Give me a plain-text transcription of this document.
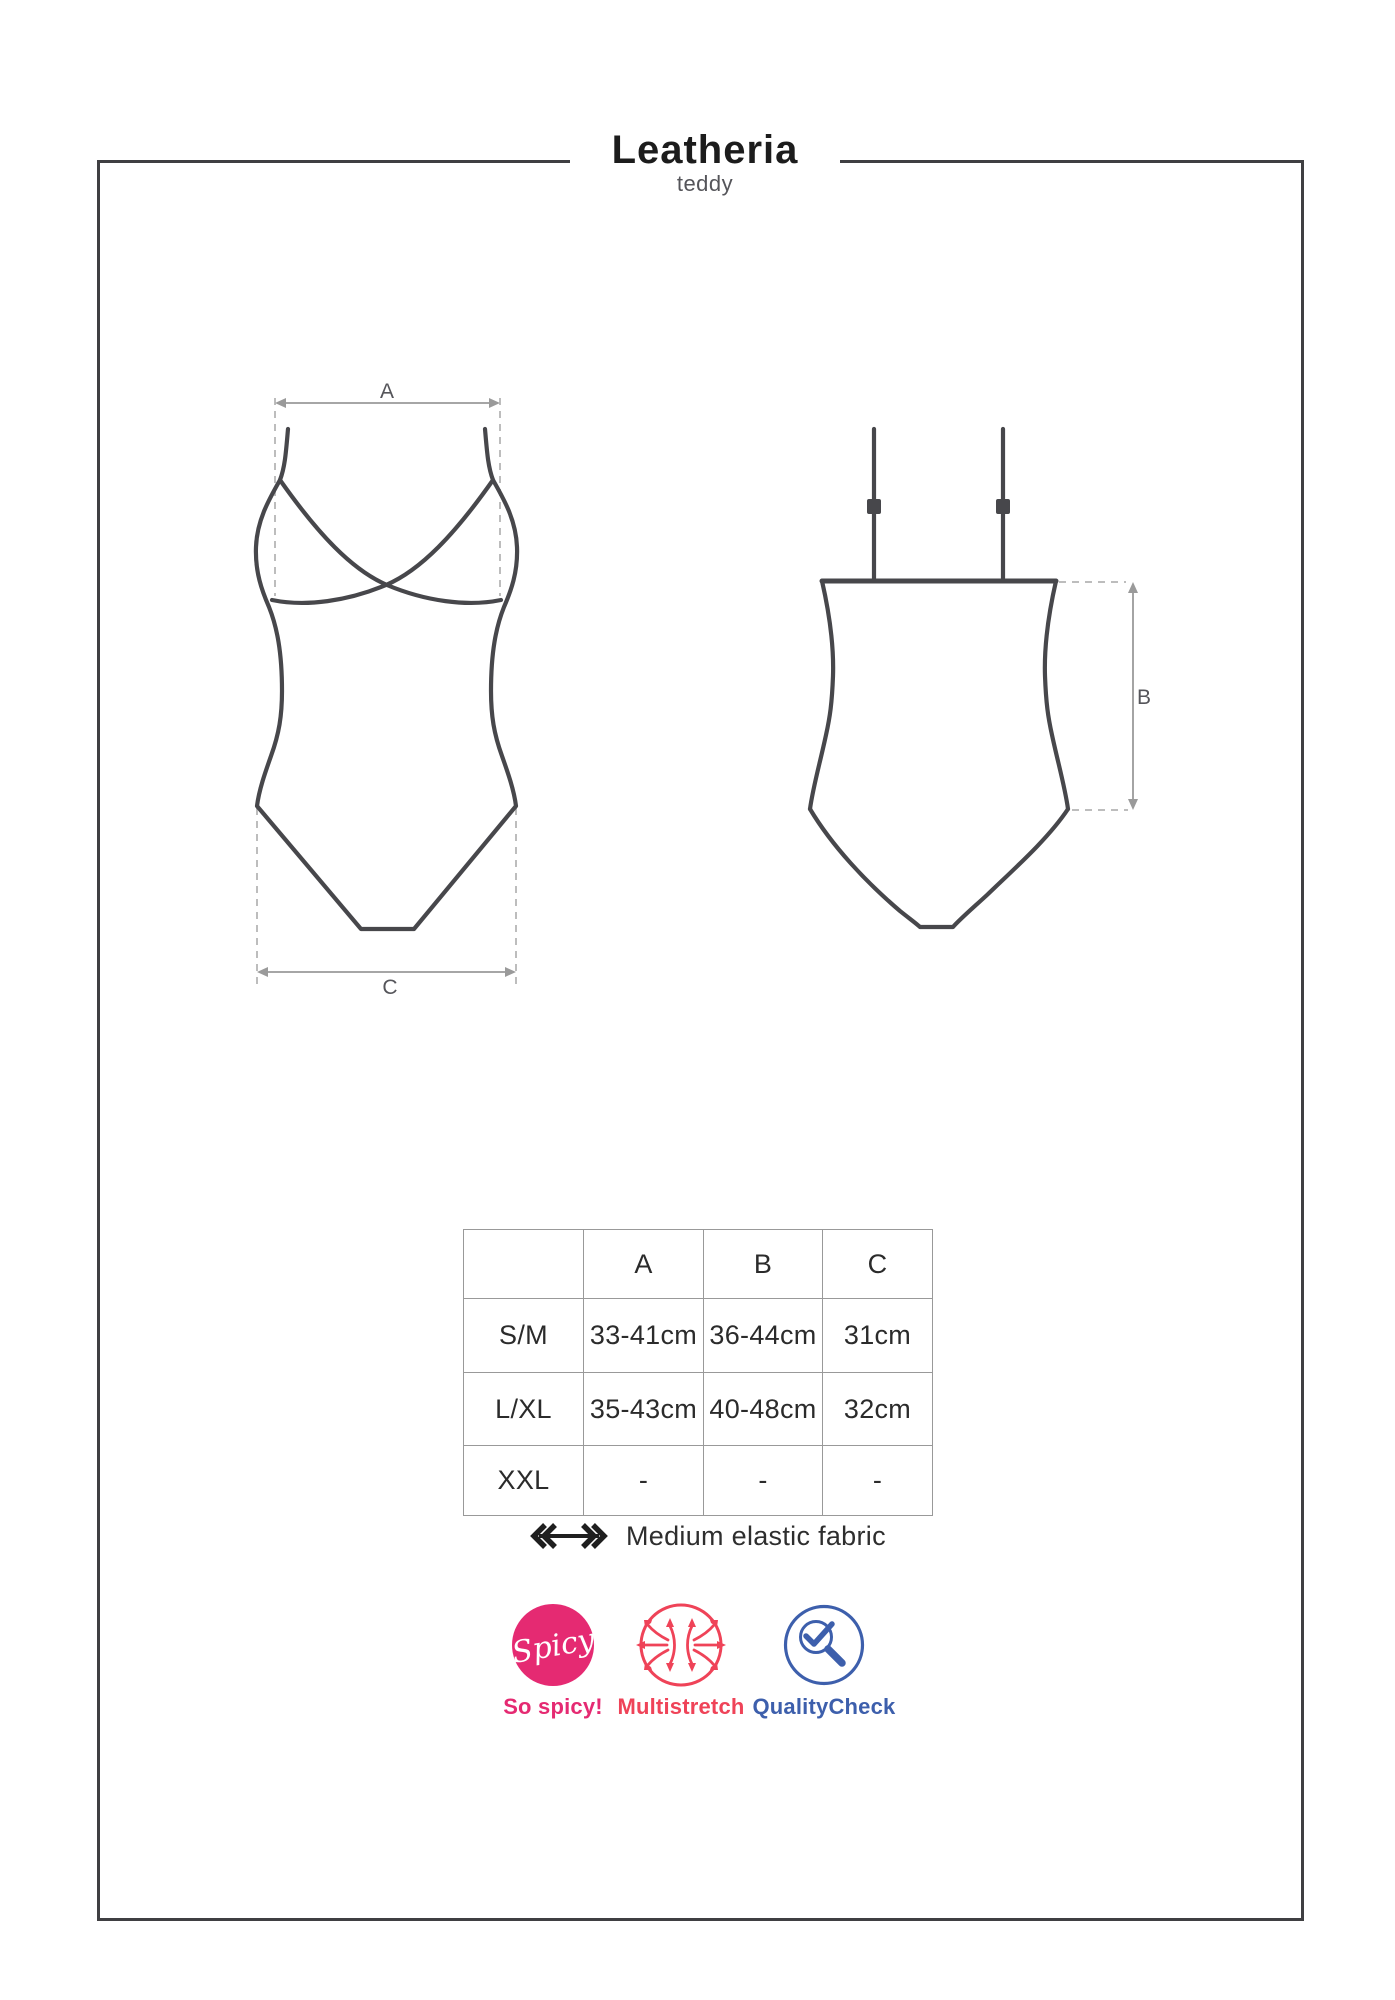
Leatheria
teddy
Spicy
A
C
B
	A	B	C
S/M	33-41cm	36-44cm	31cm
L/XL	35-43cm	40-48cm	32cm
XXL	-	-	-
Medium elastic fabric
So spicy! Multistretch QualityCheck
